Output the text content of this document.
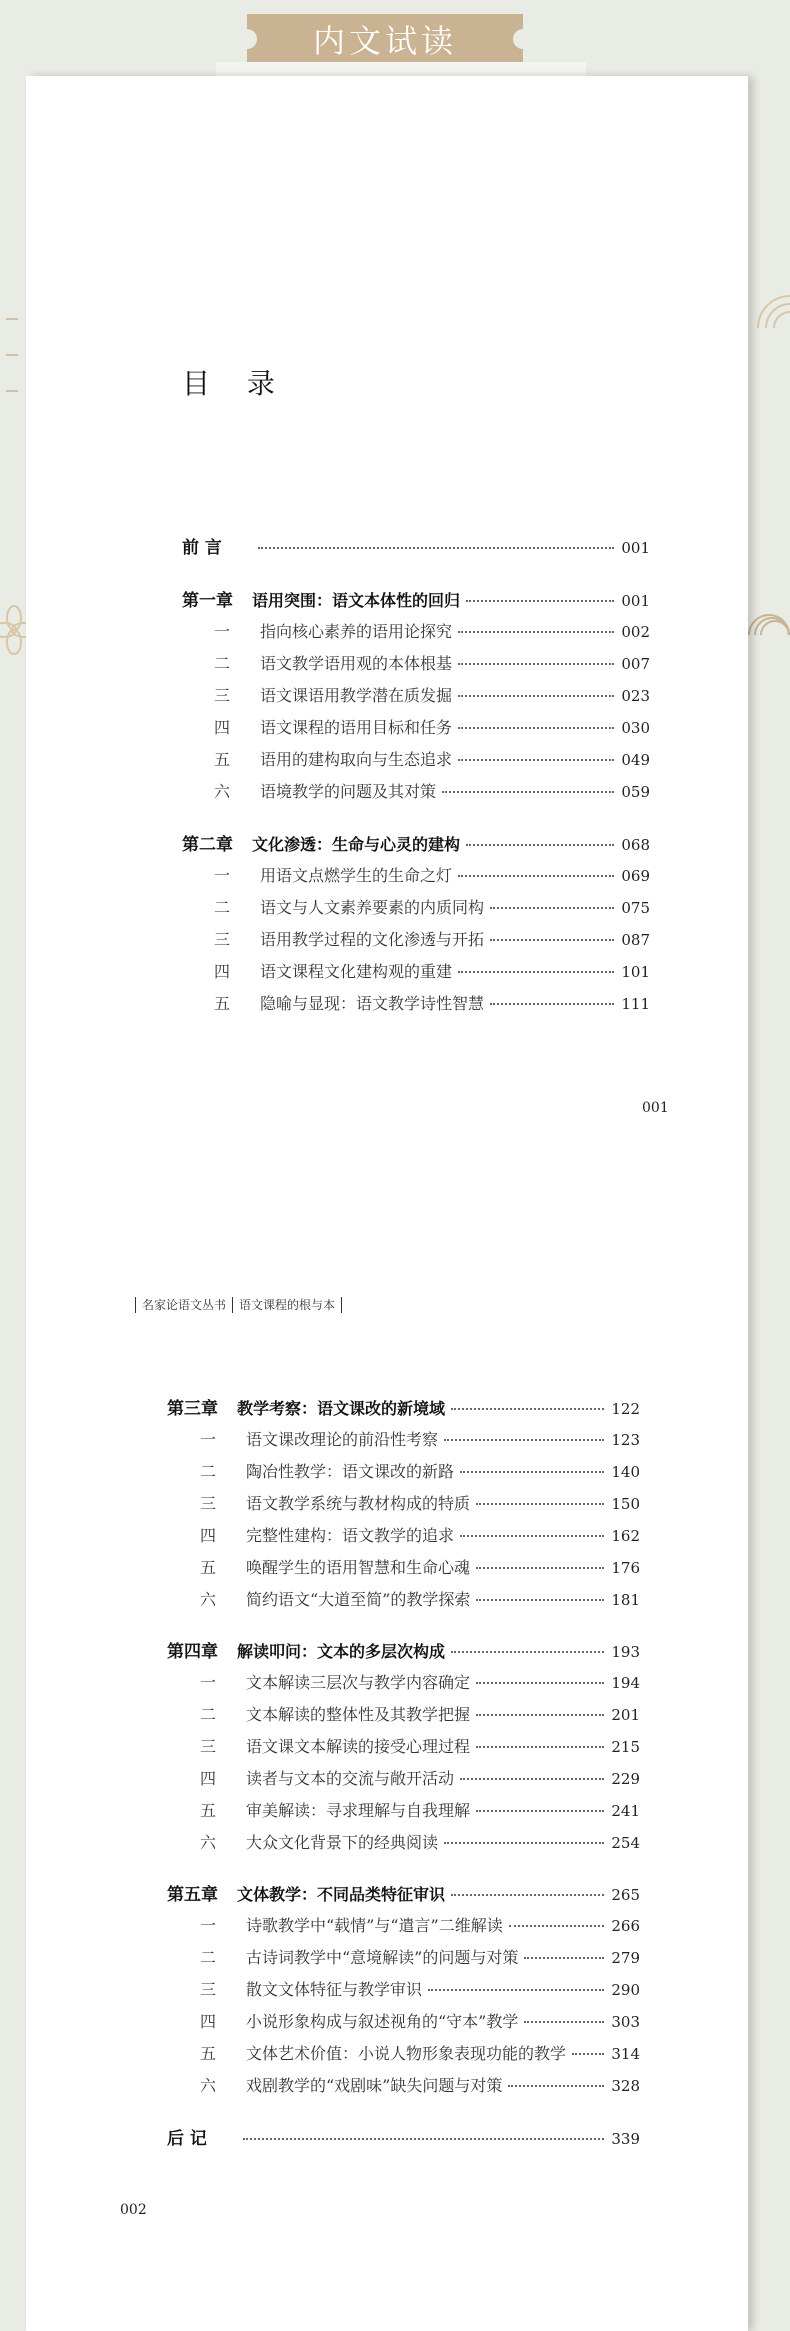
内文试读
目 录
前 言	001
第一章	语用突围：语文本体性的回归	001
一	指向核心素养的语用论探究	002
二	语文教学语用观的本体根基	007
三	语文课语用教学潜在质发掘	023
四	语文课程的语用目标和任务	030
五	语用的建构取向与生态追求	049
六	语境教学的问题及其对策	059
第二章	文化渗透：生命与心灵的建构	068
一	用语文点燃学生的生命之灯	069
二	语文与人文素养要素的内质同构	075
三	语用教学过程的文化渗透与开拓	087
四	语文课程文化建构观的重建	101
五	隐喻与显现：语文教学诗性智慧	111
001
名家论语文丛书 语文课程的根与本
第三章	教学考察：语文课改的新境域	122
一	语文课改理论的前沿性考察	123
二	陶冶性教学：语文课改的新路	140
三	语文教学系统与教材构成的特质	150
四	完整性建构：语文教学的追求	162
五	唤醒学生的语用智慧和生命心魂	176
六	简约语文“大道至简”的教学探索	181
第四章	解读叩问：文本的多层次构成	193
一	文本解读三层次与教学内容确定	194
二	文本解读的整体性及其教学把握	201
三	语文课文本解读的接受心理过程	215
四	读者与文本的交流与敞开活动	229
五	审美解读：寻求理解与自我理解	241
六	大众文化背景下的经典阅读	254
第五章	文体教学：不同品类特征审识	265
一	诗歌教学中“载情”与“遣言”二维解读	266
二	古诗词教学中“意境解读”的问题与对策	279
三	散文文体特征与教学审识	290
四	小说形象构成与叙述视角的“守本”教学	303
五	文体艺术价值：小说人物形象表现功能的教学	314
六	戏剧教学的“戏剧味”缺失问题与对策	328
后 记	339
002
